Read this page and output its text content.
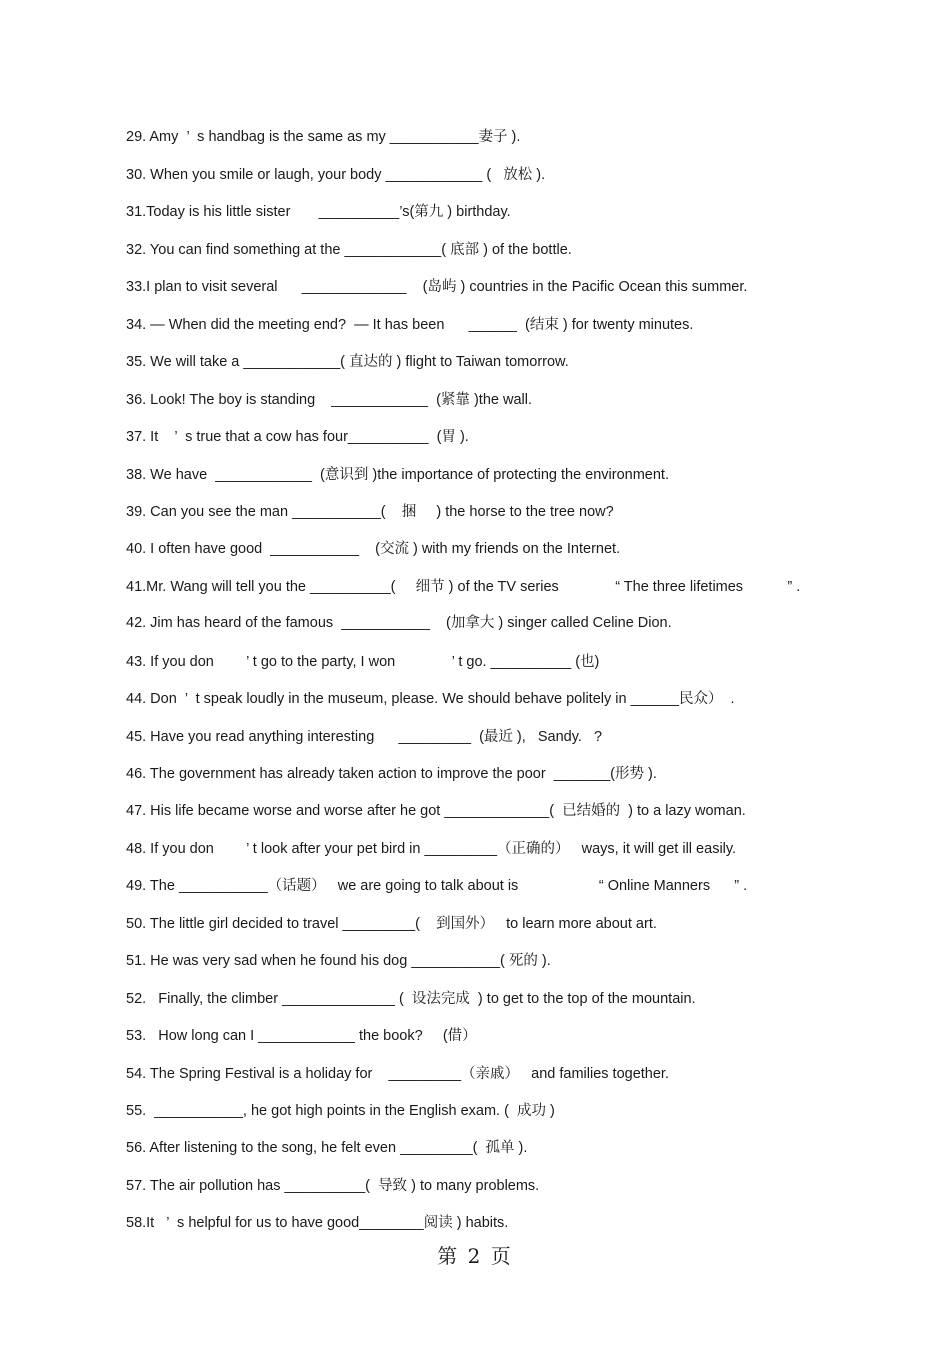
29. Amy  ’  s handbag is the same as my ___________妻子 ).
30. When you smile or laugh, your body ____________ (   放松 ).
31.Today is his little sister       __________’s(第九 ) birthday.
32. You can find something at the ____________( 底部 ) of the bottle.
33.I plan to visit several      _____________    (岛屿 ) countries in the Pacific Ocean this summer.
34. — When did the meeting end?  — It has been      ______  (结束 ) for twenty minutes.
35. We will take a ____________( 直达的 ) flight to Taiwan tomorrow.
36. Look! The boy is standing    ____________  (紧靠 )the wall.
37. It    ’  s true that a cow has four__________  (胃 ).
38. We have  ____________  (意识到 )the importance of protecting the environment.
39. Can you see the man ___________(    捆     ) the horse to the tree now?
40. I often have good  ___________    (交流 ) with my friends on the Internet.
41.Mr. Wang will tell you the __________(     细节 ) of the TV series              “ The three lifetimes           ” .
42. Jim has heard of the famous  ___________    (加拿大 ) singer called Celine Dion.
43. If you don        ’ t go to the party, I won              ’ t go. __________ (也)
44. Don  ’  t speak loudly in the museum, please. We should behave politely in ______民众）  .
45. Have you read anything interesting      _________  (最近 ),   Sandy.   ?
46. The government has already taken action to improve the poor  _______(形势 ).
47. His life became worse and worse after he got _____________(  已结婚的  ) to a lazy woman.
48. If you don        ’ t look after your pet bird in _________（正确的）   ways, it will get ill easily.
49. The ___________（话题）   we are going to talk about is                    “ Online Manners      ” .
50. The little girl decided to travel _________(    到国外）   to learn more about art.
51. He was very sad when he found his dog ___________( 死的 ).
52.   Finally, the climber ______________ (  设法完成  ) to get to the top of the mountain.
53.   How long can I ____________ the book?     (借）
54. The Spring Festival is a holiday for    _________（亲戚）   and families together.
55.  ___________, he got high points in the English exam. (  成功 )
56. After listening to the song, he felt even _________(  孤单 ).
57. The air pollution has __________(  导致 ) to many problems.
58.It   ’  s helpful for us to have good________阅读 ) habits.
第 2 页
